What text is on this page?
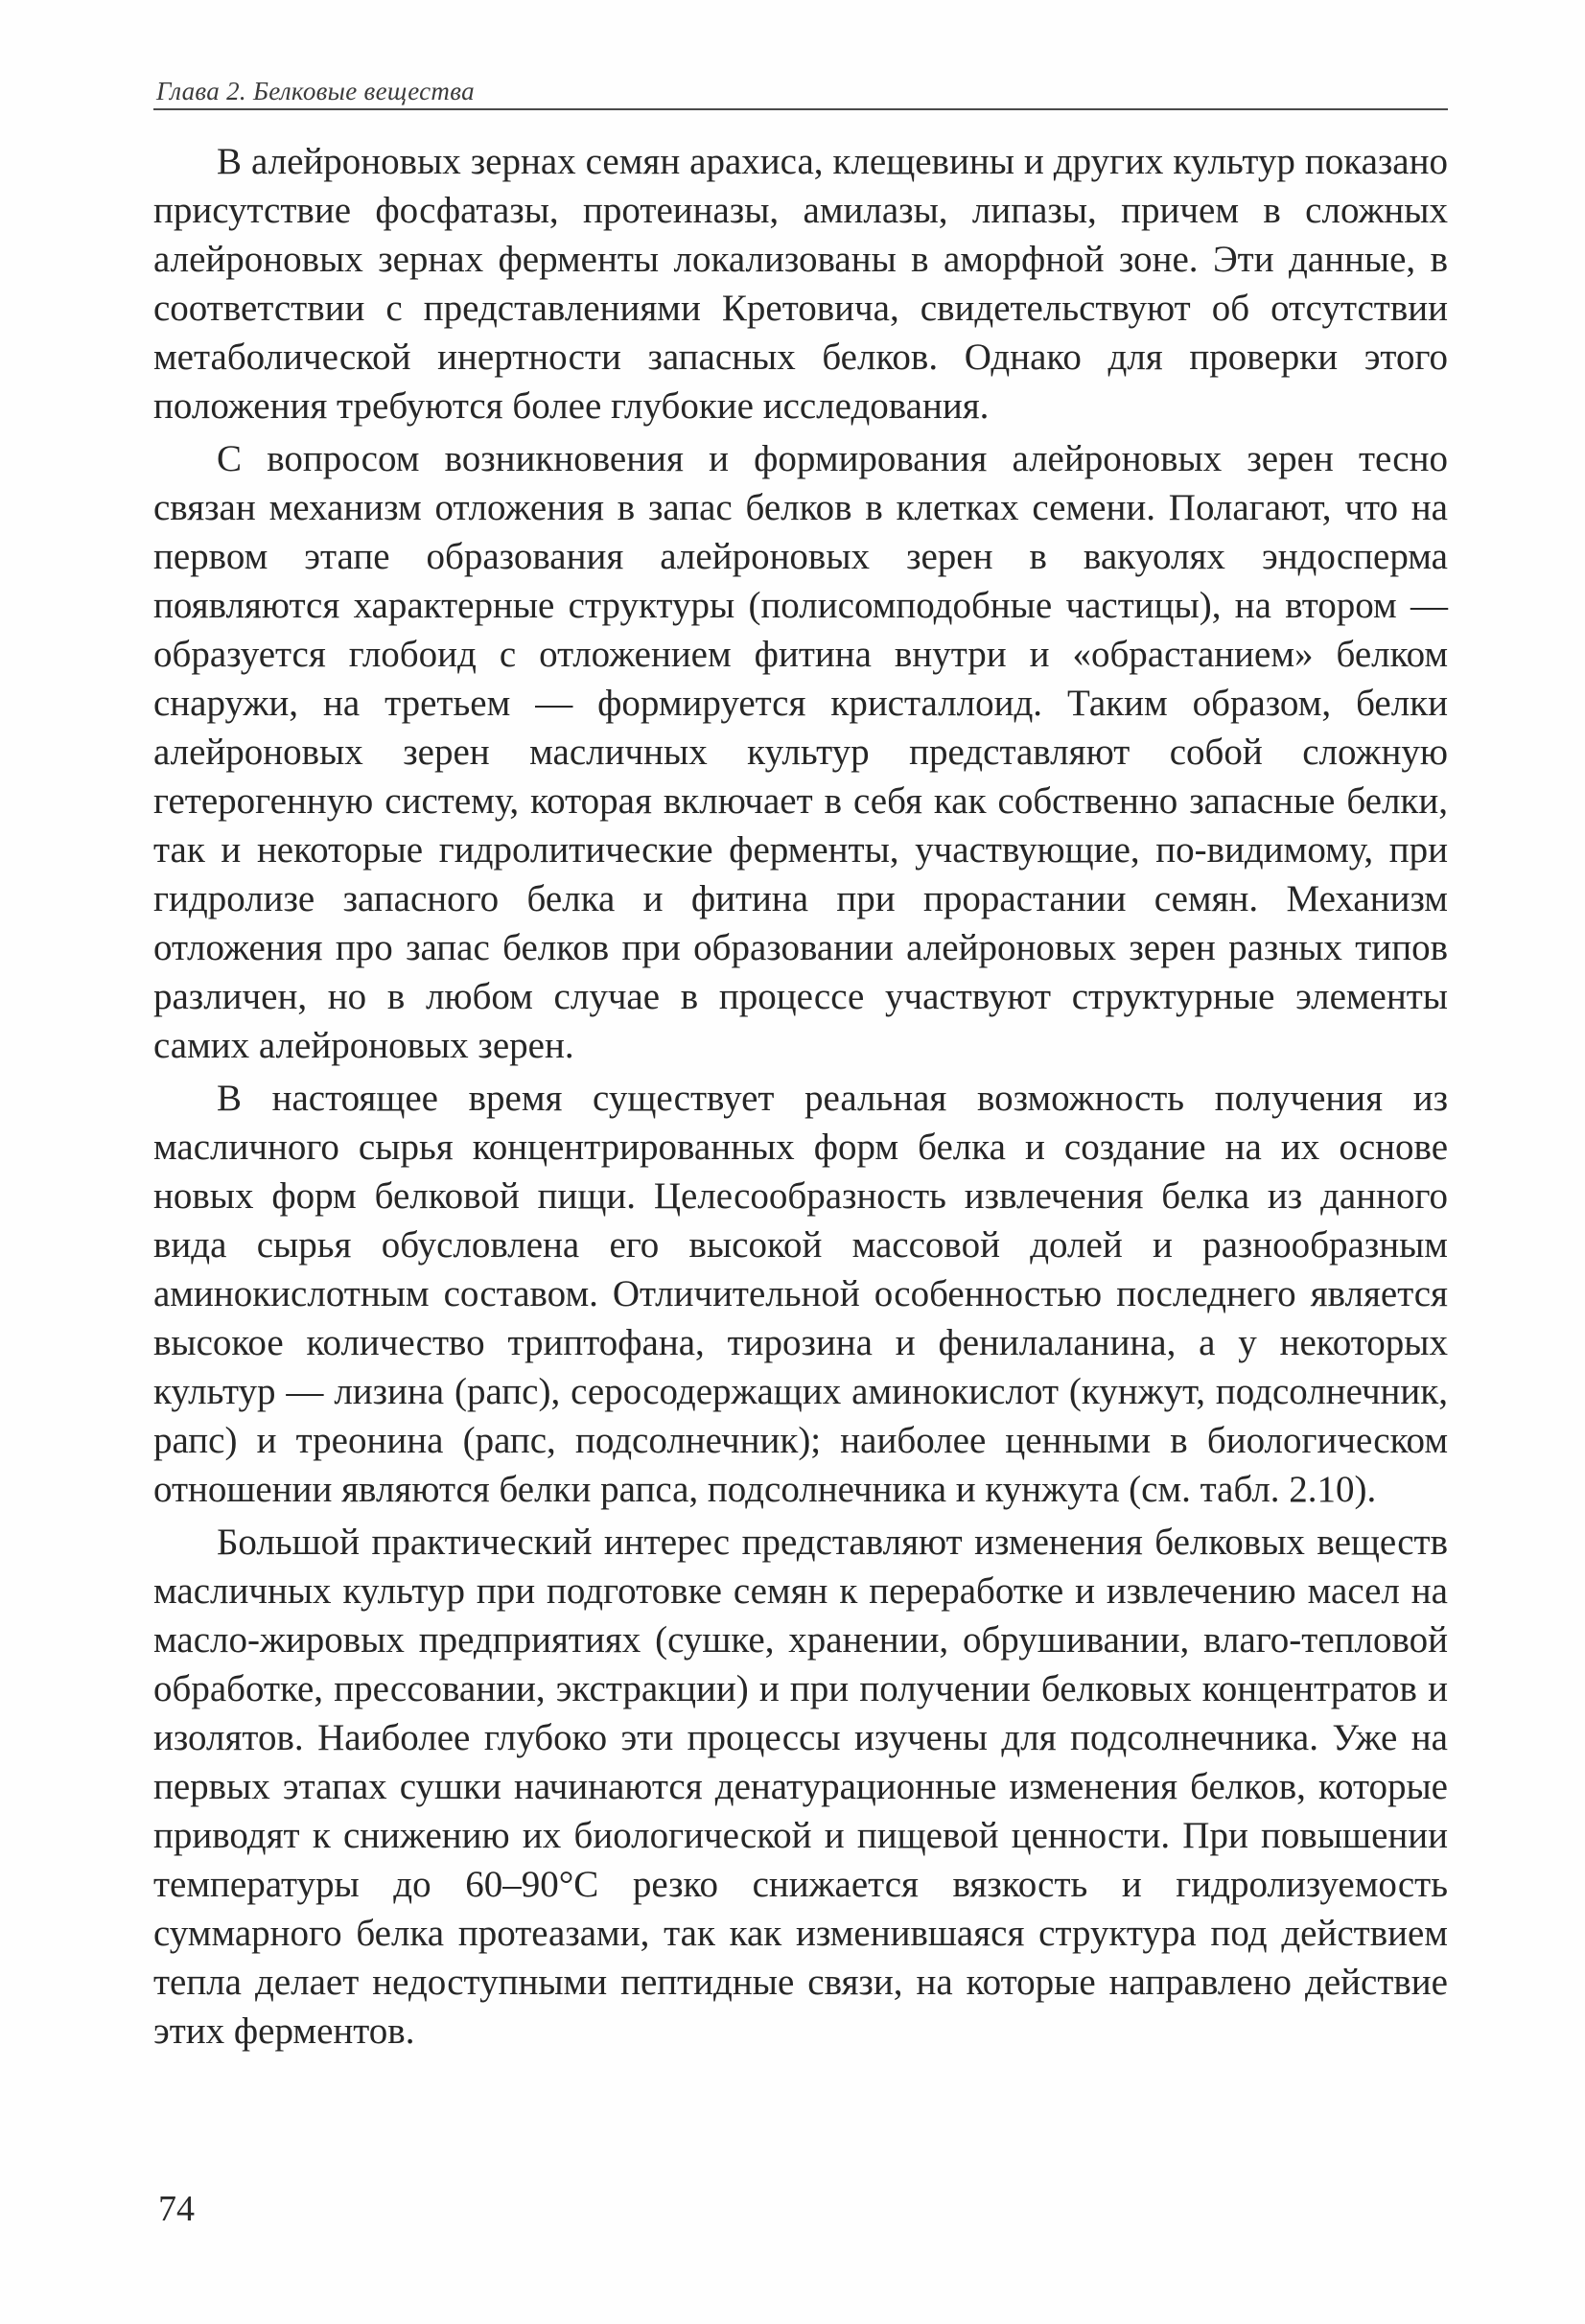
Глава 2. Белковые вещества

В алейроновых зернах семян арахиса, клещевины и других культур показано присутствие фосфатазы, протеиназы, амилазы, липазы, причем в сложных алейроновых зернах ферменты локализованы в аморфной зоне. Эти данные, в соответствии с представлениями Кретовича, свидетельствуют об отсутствии метаболической инертности запасных белков. Однако для проверки этого положения требуются более глубокие исследования.

С вопросом возникновения и формирования алейроновых зерен тесно связан механизм отложения в запас белков в клетках семени. Полагают, что на первом этапе образования алейроновых зерен в вакуолях эндосперма появляются характерные структуры (полисомподобные частицы), на втором — образуется глобоид с отложением фитина внутри и «обрастанием» белком снаружи, на третьем — формируется кристаллоид. Таким образом, белки алейроновых зерен масличных культур представляют собой сложную гетерогенную систему, которая включает в себя как собственно запасные белки, так и некоторые гидролитические ферменты, участвующие, по-видимому, при гидролизе запасного белка и фитина при прорастании семян. Механизм отложения про запас белков при образовании алейроновых зерен разных типов различен, но в любом случае в процессе участвуют структурные элементы самих алейроновых зерен.

В настоящее время существует реальная возможность получения из масличного сырья концентрированных форм белка и создание на их основе новых форм белковой пищи. Целесообразность извлечения белка из данного вида сырья обусловлена его высокой массовой долей и разнообразным аминокислотным составом. Отличительной особенностью последнего является высокое количество триптофана, тирозина и фенилаланина, а у некоторых культур — лизина (рапс), серосодержащих аминокислот (кунжут, подсолнечник, рапс) и треонина (рапс, подсолнечник); наиболее ценными в биологическом отношении являются белки рапса, подсолнечника и кунжута (см. табл. 2.10).

Большой практический интерес представляют изменения белковых веществ масличных культур при подготовке семян к переработке и извлечению масел на масло-жировых предприятиях (сушке, хранении, обрушивании, влаго-тепловой обработке, прессовании, экстракции) и при получении белковых концентратов и изолятов. Наиболее глубоко эти процессы изучены для подсолнечника. Уже на первых этапах сушки начинаются денатурационные изменения белков, которые приводят к снижению их биологической и пищевой ценности. При повышении температуры до 60–90°С резко снижается вязкость и гидролизуемость суммарного белка протеазами, так как изменившаяся структура под действием тепла делает недоступными пептидные связи, на которые направлено действие этих ферментов.

74
